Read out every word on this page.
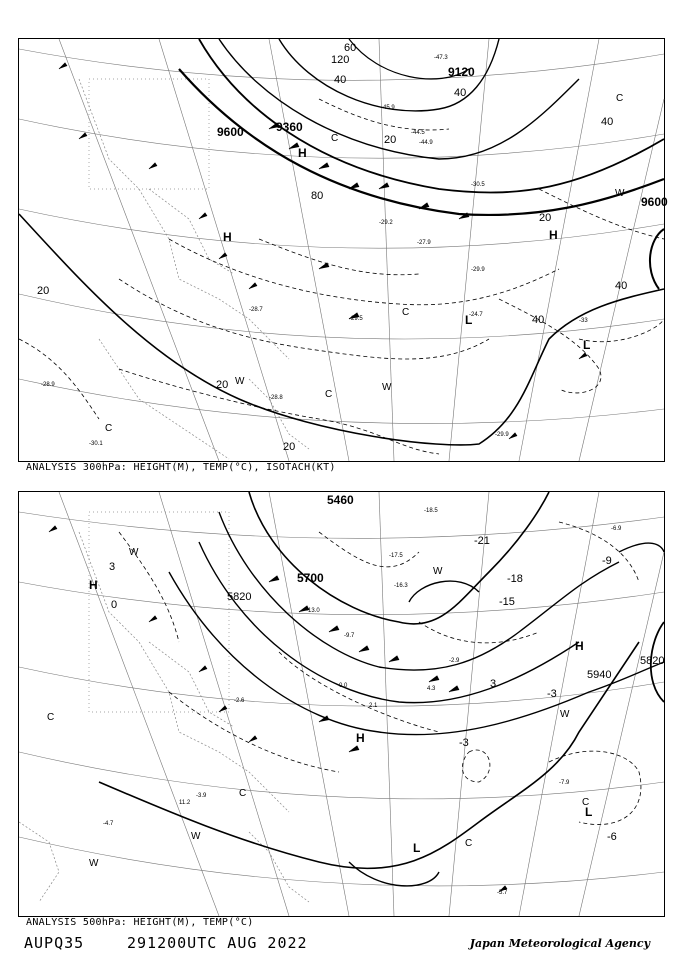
9600	9360
9120
9600
120
80
60
40
40
40
40
20
20
20
20
20
40
H
H	H
L
L
C
C
C
C
C
W
W
W
-45.9
-44.5
-44.9
-47.3
-30.5
-29.2
-27.9
-29.5
-28.7
-29.9
-33
-29.9
-30.1
-28.9
-24.7
-28.8
ANALYSIS 300hPa: HEIGHT(M), TEMP(°C), ISOTACH(KT)
5460
5700
5820
5940
5820
H
H
H
L
L
C
C
C
C
W
W
W
W
W
-15
-9
-6
-3
-3
3
0
3
-21
-18
-18.5
-17.5
-16.3
-13.0
-9.7
-2.9
0.0
2.1
4.3
-5.7
-7.9
-6.9
11.2
-3.9
-4.7
-2.6
ANALYSIS 500hPa: HEIGHT(M), TEMP(°C)
AUPQ35	291200UTC AUG 2022	Japan Meteorological Agency
